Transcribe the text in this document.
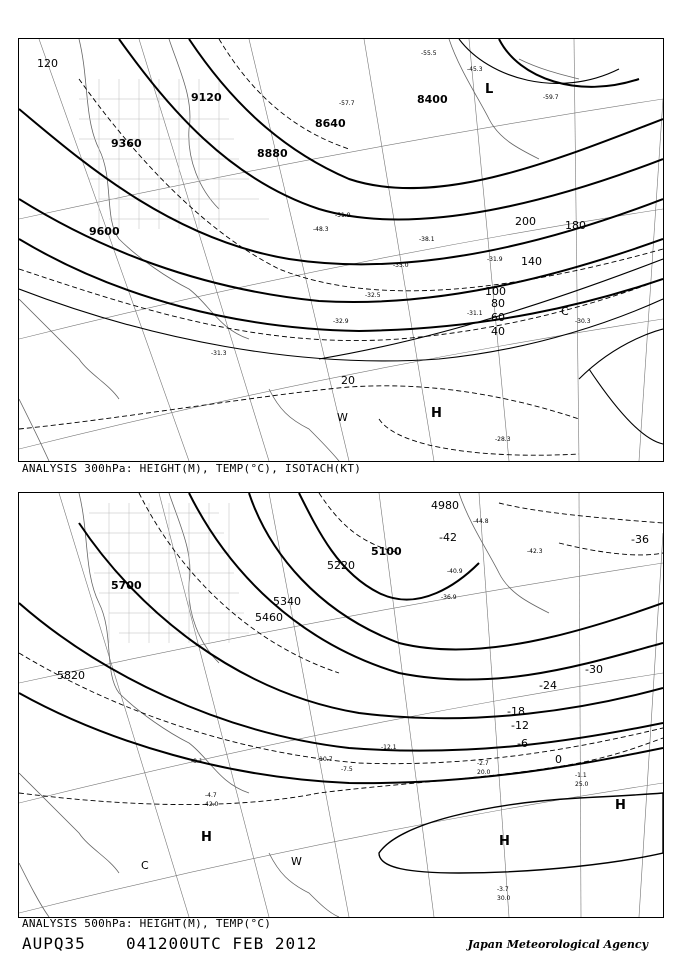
8400
8640
8880
9120
9360
9600
20
40
60
80
100
120
140
180
200
-28.3
-30.3
-31.1
-31.3
-31.9
-32.5
-32.9
-35.0
-38.1
-45.3
-48.3
-51.9
-55.5
-57.7
-59.7
H
L
C
W
ANALYSIS 300hPa: HEIGHT(M), TEMP(°C), ISOTACH(KT)
5100
5220
5340
5460
5700
5820
4980
-42	-36
-30
-24
-18
-12
-6
0
-3.7
30.0
-1.1
25.0
-2.7
20.0
-12.1
-7.5
-10.7
-8.1
-4.7
42.0
-44.8
-42.3
-40.9
-36.9
H	H
H
W
C
ANALYSIS 500hPa: HEIGHT(M), TEMP(°C)
AUPQ35	041200UTC FEB 2012	Japan Meteorological Agency
